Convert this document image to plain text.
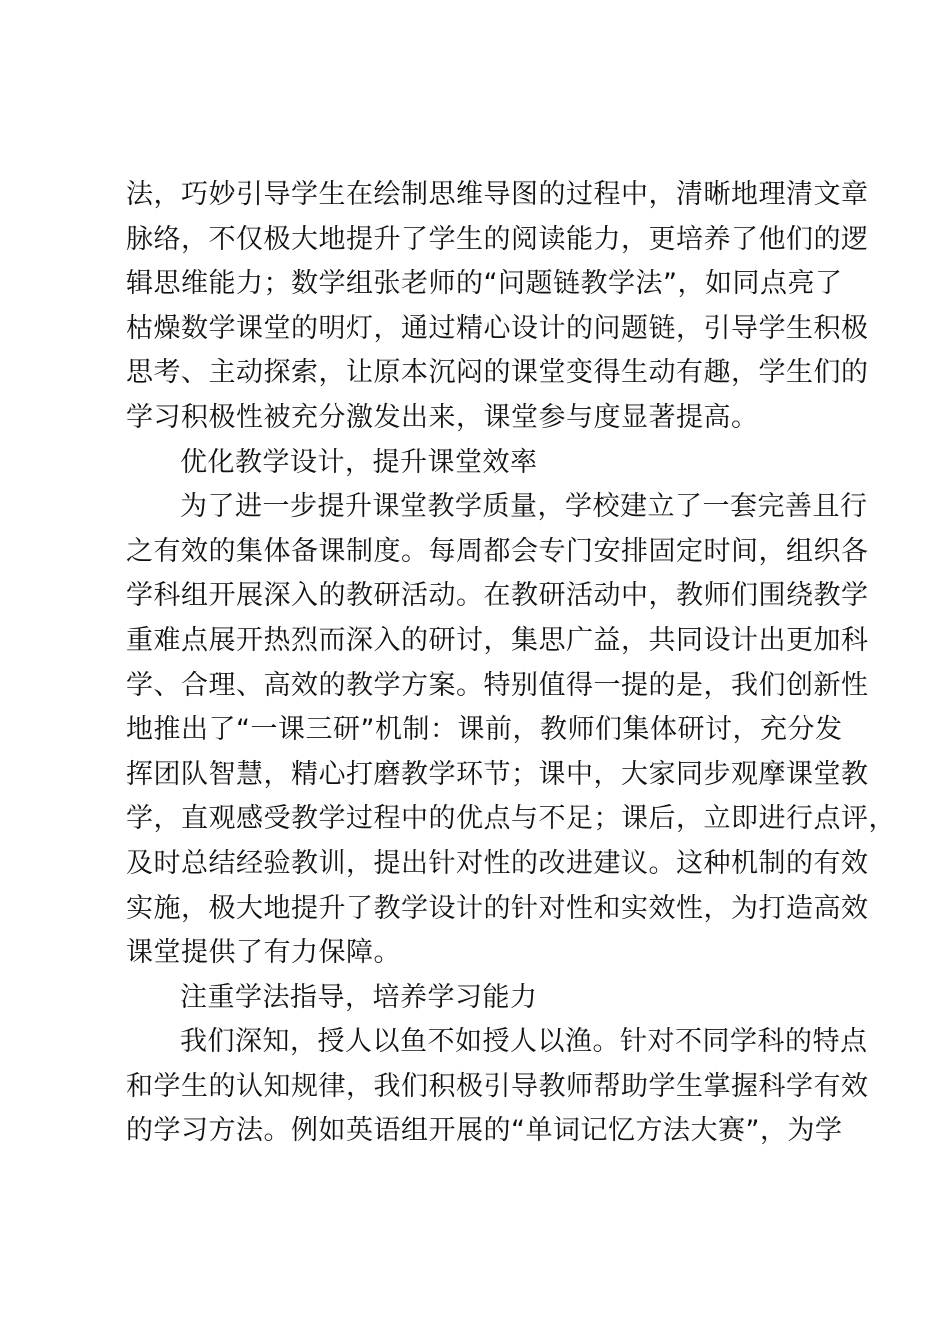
法，巧妙引导学生在绘制思维导图的过程中，清晰地理清文章
脉络，不仅极大地提升了学生的阅读能力，更培养了他们的逻
辑思维能力；数学组张老师的“问题链教学法”，如同点亮了
枯燥数学课堂的明灯，通过精心设计的问题链，引导学生积极
思考、主动探索，让原本沉闷的课堂变得生动有趣，学生们的
学习积极性被充分激发出来，课堂参与度显著提高。
优化教学设计，提升课堂效率
为了进一步提升课堂教学质量，学校建立了一套完善且行
之有效的集体备课制度。每周都会专门安排固定时间，组织各
学科组开展深入的教研活动。在教研活动中，教师们围绕教学
重难点展开热烈而深入的研讨，集思广益，共同设计出更加科
学、合理、高效的教学方案。特别值得一提的是，我们创新性
地推出了“一课三研”机制：课前，教师们集体研讨，充分发
挥团队智慧，精心打磨教学环节；课中，大家同步观摩课堂教
学，直观感受教学过程中的优点与不足；课后，立即进行点评，
及时总结经验教训，提出针对性的改进建议。这种机制的有效
实施，极大地提升了教学设计的针对性和实效性，为打造高效
课堂提供了有力保障。
注重学法指导，培养学习能力
我们深知，授人以鱼不如授人以渔。针对不同学科的特点
和学生的认知规律，我们积极引导教师帮助学生掌握科学有效
的学习方法。例如英语组开展的“单词记忆方法大赛”，为学
